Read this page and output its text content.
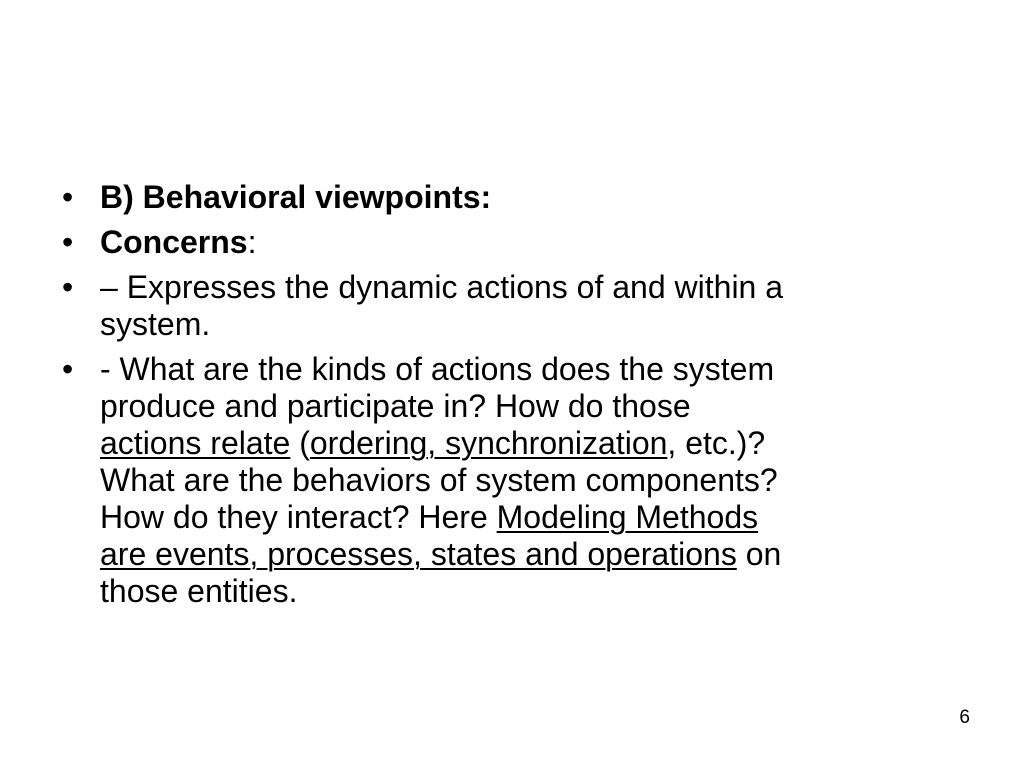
• B) Behavioral viewpoints:
• Concerns:
• – Expresses the dynamic actions of and within a
system.
• - What are the kinds of actions does the system
produce and participate in? How do those
actions relate (ordering, synchronization, etc.)?
What are the behaviors of system components?
How do they interact? Here Modeling Methods
are events, processes, states and operations on
those entities.
6
